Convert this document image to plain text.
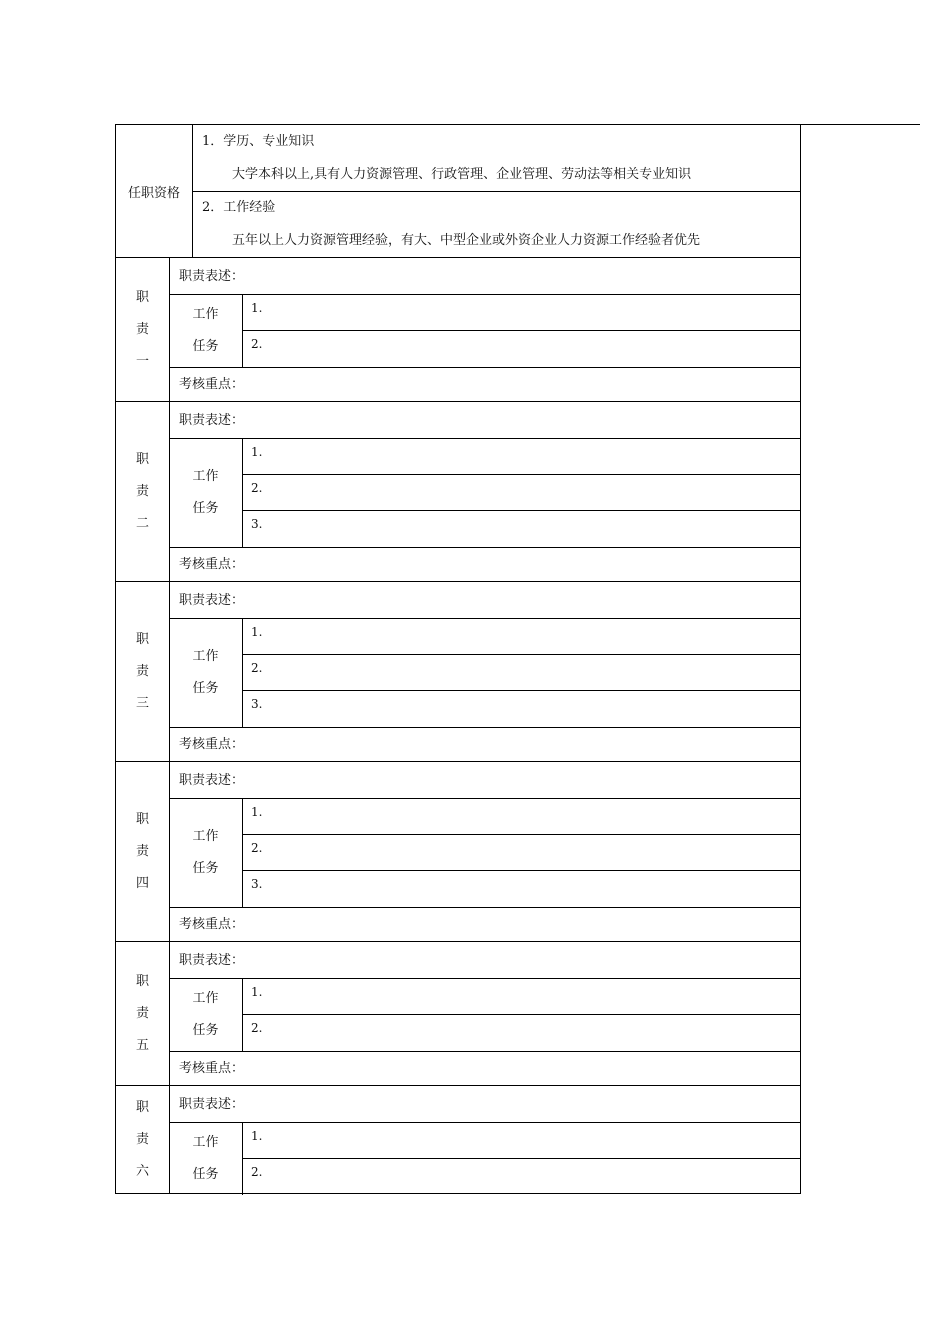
任职资格
1．学历、专业知识
大学本科以上,具有人力资源管理、行政管理、企业管理、劳动法等相关专业知识
2．工作经验
五年以上人力资源管理经验，有大、中型企业或外资企业人力资源工作经验者优先
职
责
一
职责表述：
工作
任务
1.
2.
考核重点：
职
责
二
职责表述：
工作
任务
1.
2.
3.
考核重点：
职
责
三
职责表述：
工作
任务
1.
2.
3.
考核重点：
职
责
四
职责表述：
工作
任务
1.
2.
3.
考核重点：
职
责
五
职责表述：
工作
任务
1.
2.
考核重点：
职
责
六
职责表述：
工作
任务
1.
2.
